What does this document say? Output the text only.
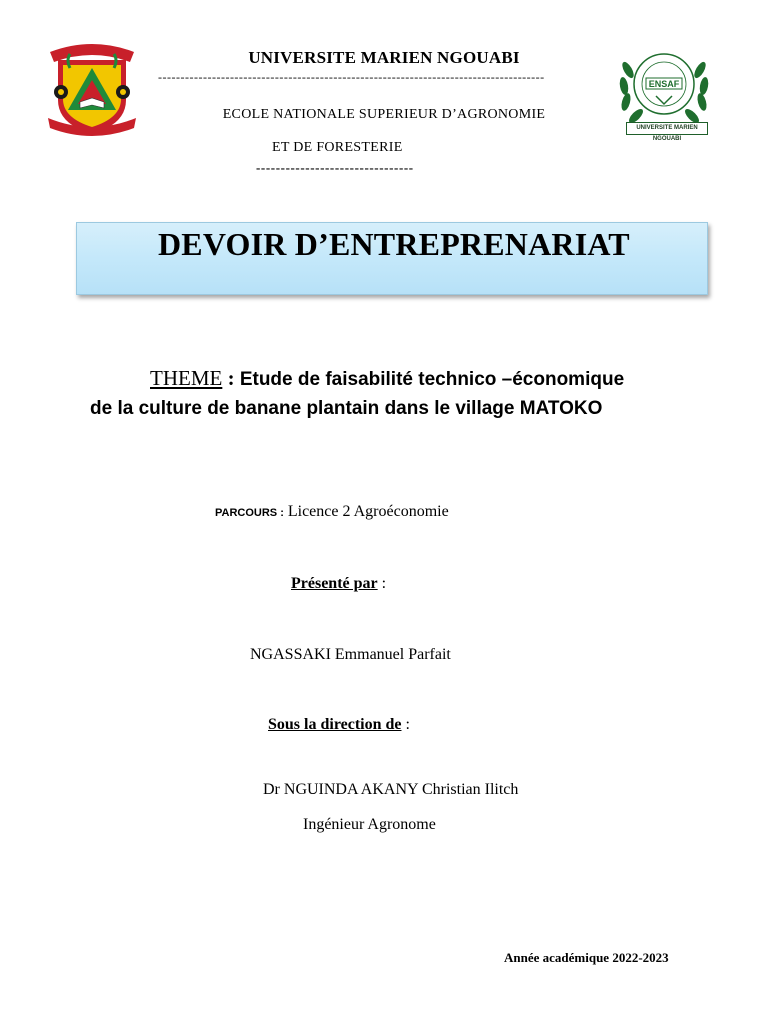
ENSAF
UNIVERSITE MARIEN NGOUABI
UNIVERSITE MARIEN NGOUABI
--------------------------------------------------------------------------------------
ECOLE NATIONALE SUPERIEUR D’AGRONOMIE
ET DE FORESTERIE
--------------------------------
DEVOIR D’ENTREPRENARIAT
THEME : Etude de faisabilité technico –économique
de la culture de banane plantain dans le village MATOKO
PARCOURS : Licence 2 Agroéconomie
Présenté par :
NGASSAKI Emmanuel Parfait
Sous la direction de :
Dr NGUINDA AKANY Christian Ilitch
Ingénieur Agronome
Année académique 2022-2023
